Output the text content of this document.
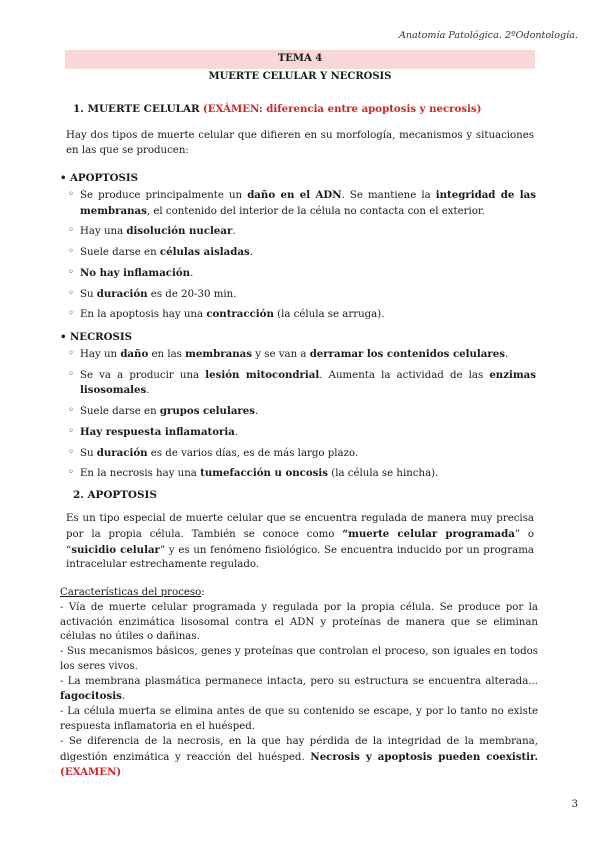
Anatomía Patológica. 2ºOdontología.
TEMA 4
MUERTE CELULAR Y NECROSIS
1. MUERTE CELULAR (EXÁMEN: diferencia entre apoptosis y necrosis)
Hay dos tipos de muerte celular que difieren en su morfología, mecanismos y situaciones en las que se producen:
• APOPTOSIS
◦ Se produce principalmente un daño en el ADN. Se mantiene la integridad de las membranas, el contenido del interior de la célula no contacta con el exterior.
◦ Hay una disolución nuclear.
◦ Suele darse en células aisladas.
◦ No hay inflamación.
◦ Su duración es de 20-30 min.
◦ En la apoptosis hay una contracción (la célula se arruga).
• NECROSIS
◦ Hay un daño en las membranas y se van a derramar los contenidos celulares.
◦ Se va a producir una lesión mitocondrial. Aumenta la actividad de las enzimas lisosomales.
◦ Suele darse en grupos celulares.
◦ Hay respuesta inflamatoria.
◦ Su duración es de varios días, es de más largo plazo.
◦ En la necrosis hay una tumefacción u oncosis (la célula se hincha).
2. APOPTOSIS
Es un tipo especial de muerte celular que se encuentra regulada de manera muy precisa por la propia célula. También se conoce como “muerte celular programada” o “suicidio celular” y es un fenómeno fisiológico. Se encuentra inducido por un programa intracelular estrechamente regulado.

Características del proceso:

- Vía de muerte celular programada y regulada por la propia célula. Se produce por la activación enzimática lisosomal contra el ADN y proteínas de manera que se eliminan células no útiles o dañinas.

- Sus mecanismos básicos, genes y proteínas que controlan el proceso, son iguales en todos los seres vivos.

- La membrana plasmática permanece intacta, pero su estructura se encuentra alterada... fagocitosis.

- La célula muerta se elimina antes de que su contenido se escape, y por lo tanto no existe respuesta inflamatoria en el huésped.

- Se diferencia de la necrosis, en la que hay pérdida de la integridad de la membrana, digestión enzimática y reacción del huésped. Necrosis y apoptosis pueden coexistir. (EXAMEN)

3
